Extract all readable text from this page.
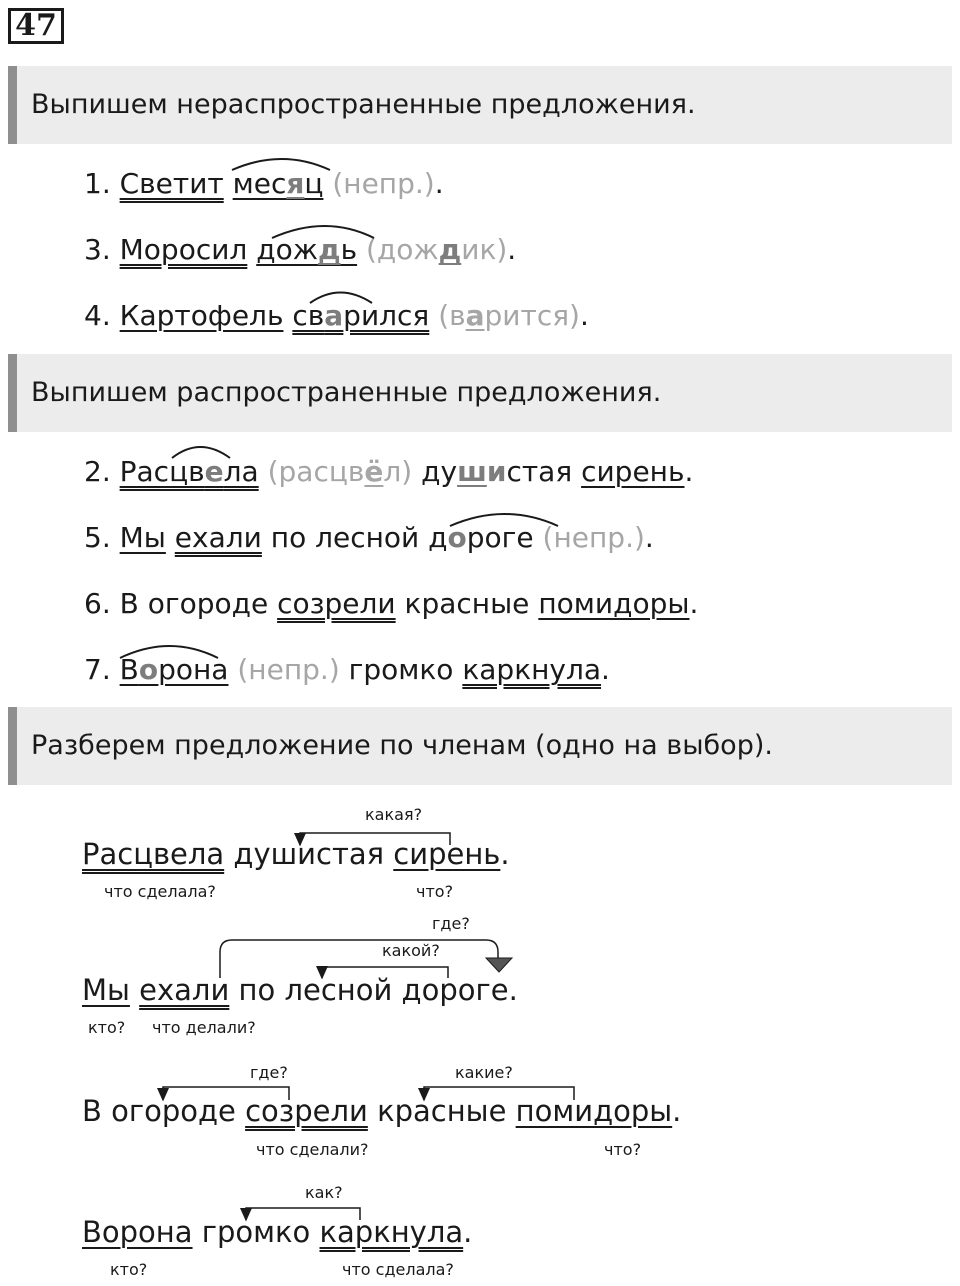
47
Выпишем нераспространенные предложения.
1. Светит месяц (непр.).
3. Моросил дождь (дождик).
4. Картофель сварился (варится).
Выпишем распространенные предложения.
2. Расцвела (расцвёл) душистая сирень.
5. Мы ехали по лесной дороге (непр.).
6. В огороде созрели красные помидоры.
7. Ворона (непр.) громко каркнула.
Разберем предложение по членам (одно на выбор).
какая?
Расцвела душистая сирень.
что сделала?	что?
где?
какой?
Мы ехали по лесной дороге.
кто? что делали?
где?	какие?
В огороде созрели красные помидоры.
что сделали?	что?
как?
Ворона громко каркнула.
кто?	что сделала?
